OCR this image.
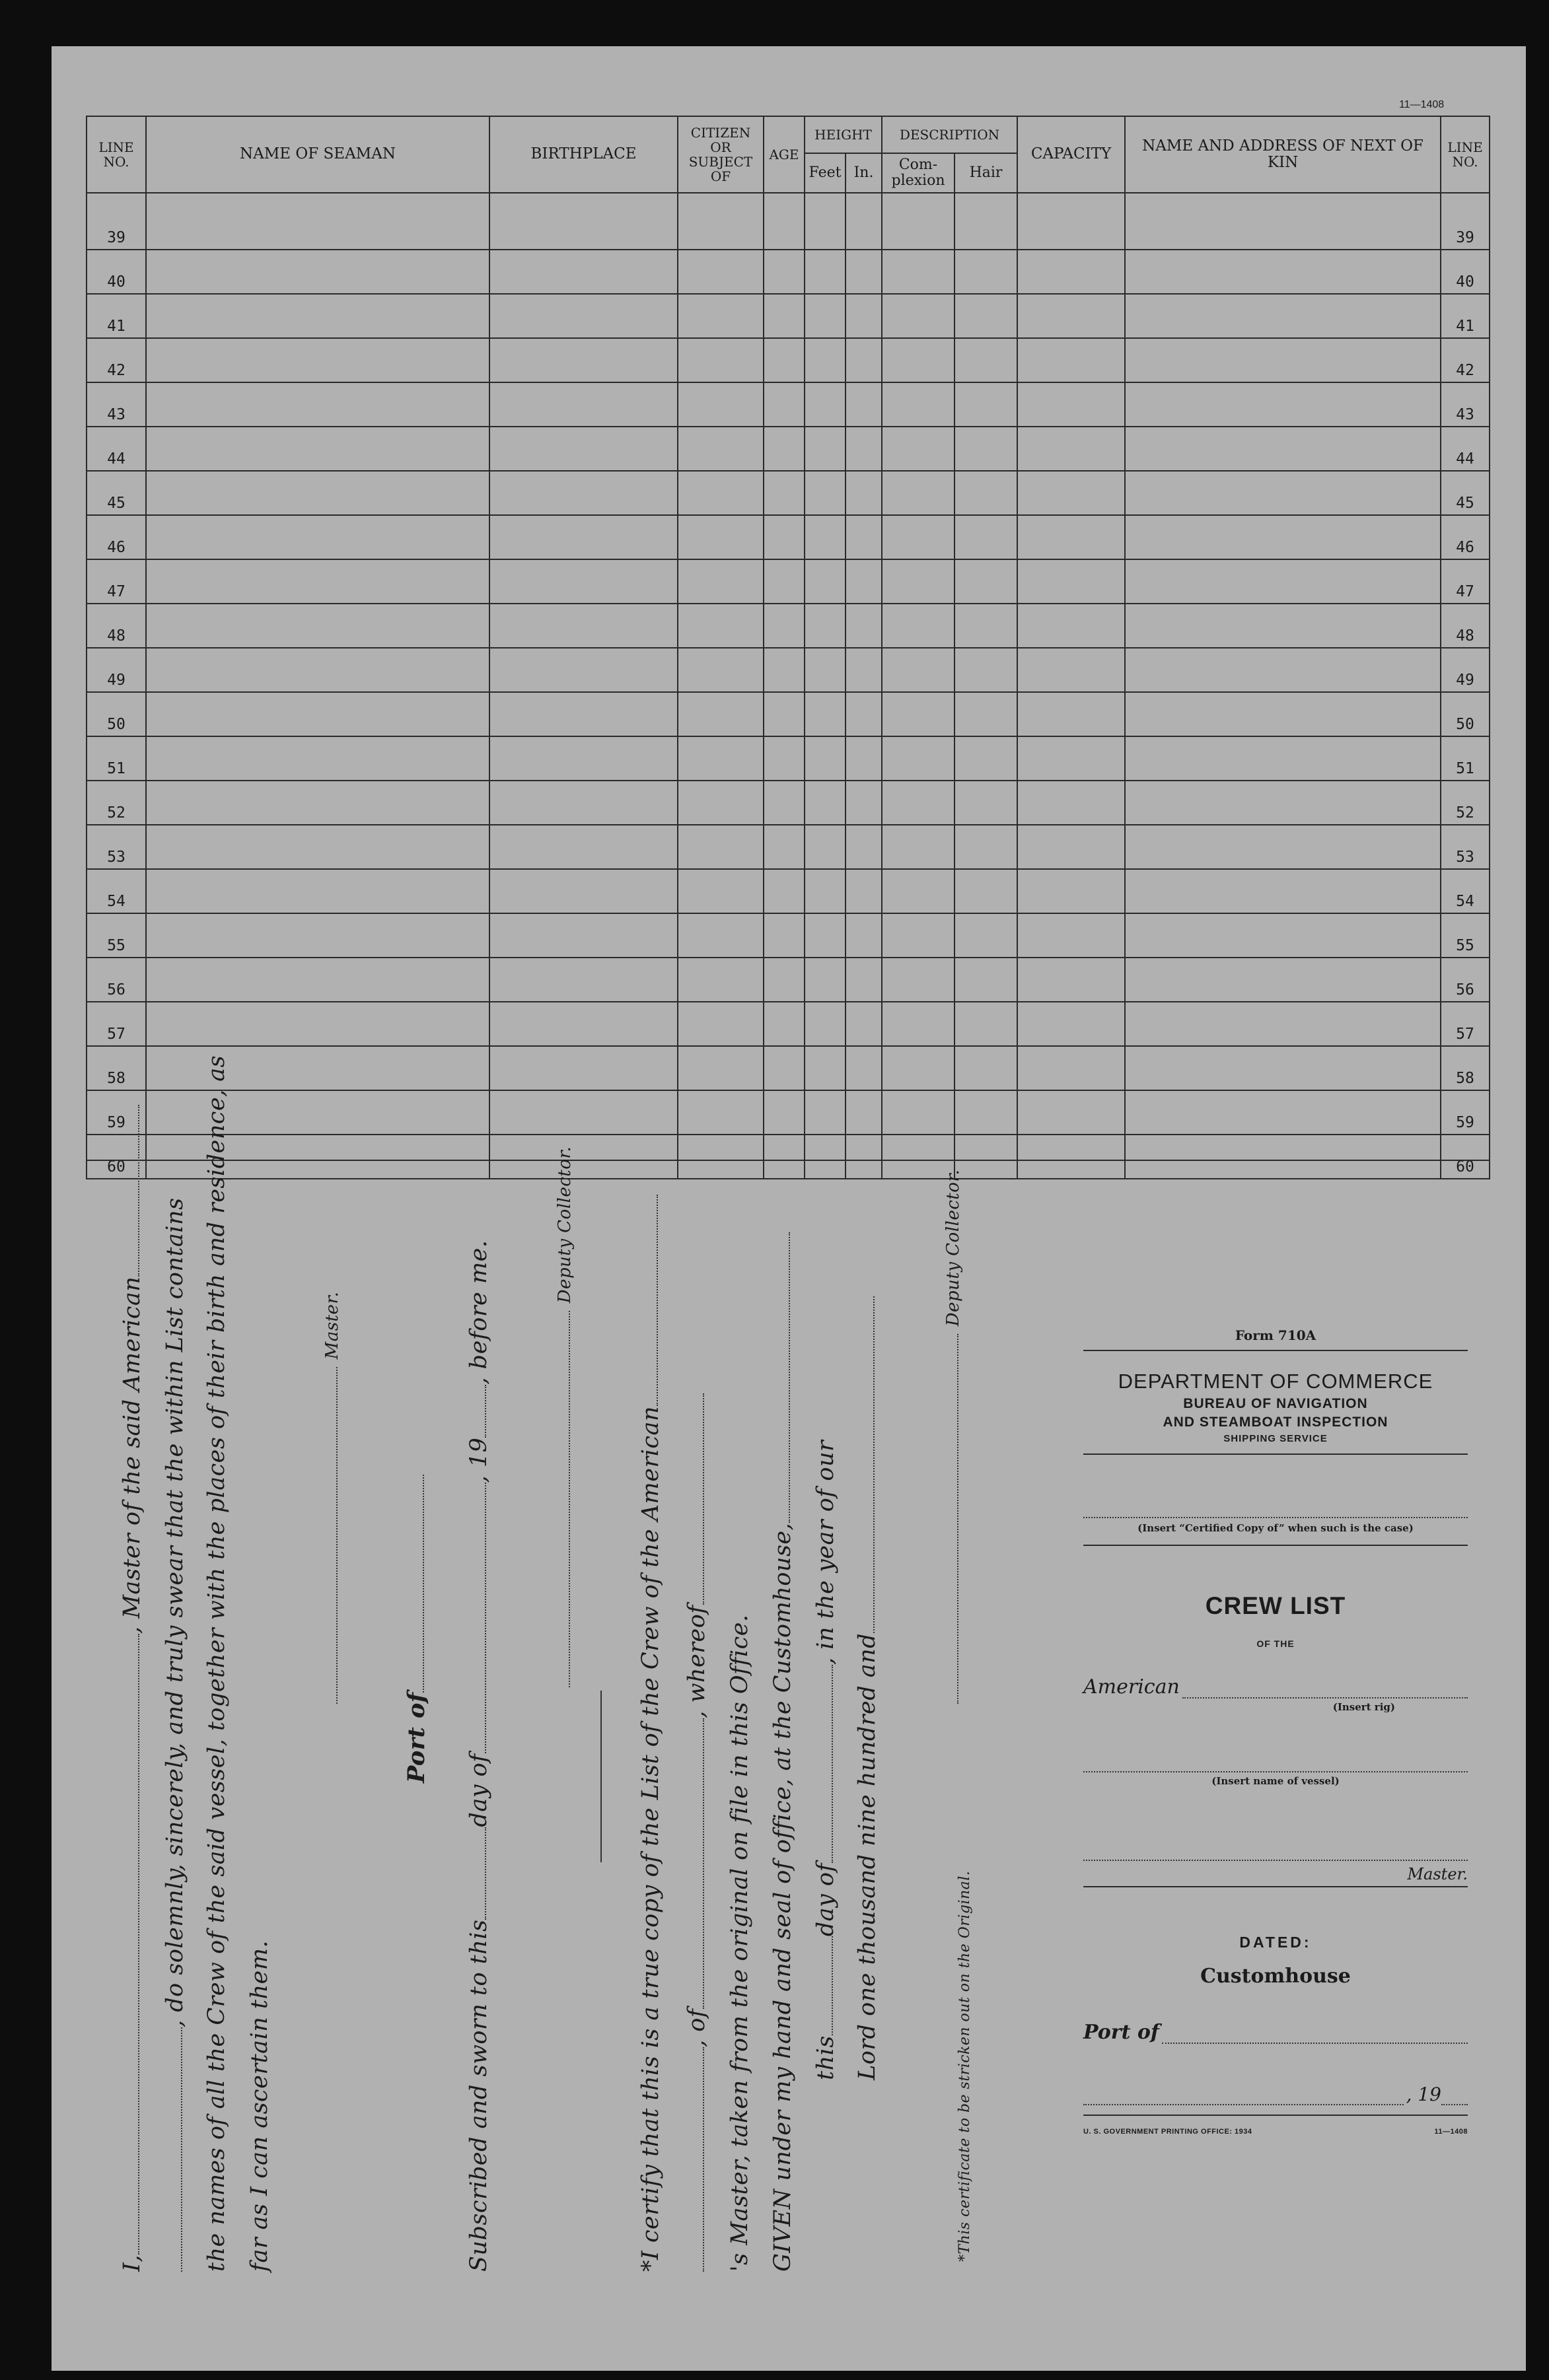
11—1408
LINE NO.	NAME OF SEAMAN	BIRTHPLACE	CITIZEN OR SUBJECT OF	AGE	HEIGHT		DESCRIPTION		CAPACITY	NAME AND ADDRESS OF NEXT OF KIN	LINE NO.
					Feet	In.	Com-plexion	Hair			
39											39
40											40
41											41
42											42
43											43
44											44
45											45
46											46
47											47
48											48
49											49
50											50
51											51
52											52
53											53
54											54
55											55
56											56
57											57
58											58
59											59
60											60
I,, Master of the said American , do solemnly, sincerely, and truly swear that the within List contains the names of all the Crew of the said vessel, together with the places of their birth and residence, as far as I can ascertain them.
Master.
Port of
Subscribed and sworn to thisday of, 19, before me.
Deputy Collector.
*I certify that this is a true copy of the List of the Crew of the American , of, whereof 's Master, taken from the original on file in this Office. GIVEN under my hand and seal of office, at the Customhouse, thisday of, in the year of our
Lord one thousand nine hundred and
Deputy Collector.
*This certificate to be stricken out on the Original.
Form 710A
DEPARTMENT OF COMMERCE
BUREAU OF NAVIGATION
AND STEAMBOAT INSPECTION
SHIPPING SERVICE
(Insert “Certified Copy of” when such is the case)
CREW LIST
OF THE
American
(Insert rig)
(Insert name of vessel)
Master.
DATED:
Customhouse
Port of
, 19
U. S. GOVERNMENT PRINTING OFFICE: 1934	11—1408
